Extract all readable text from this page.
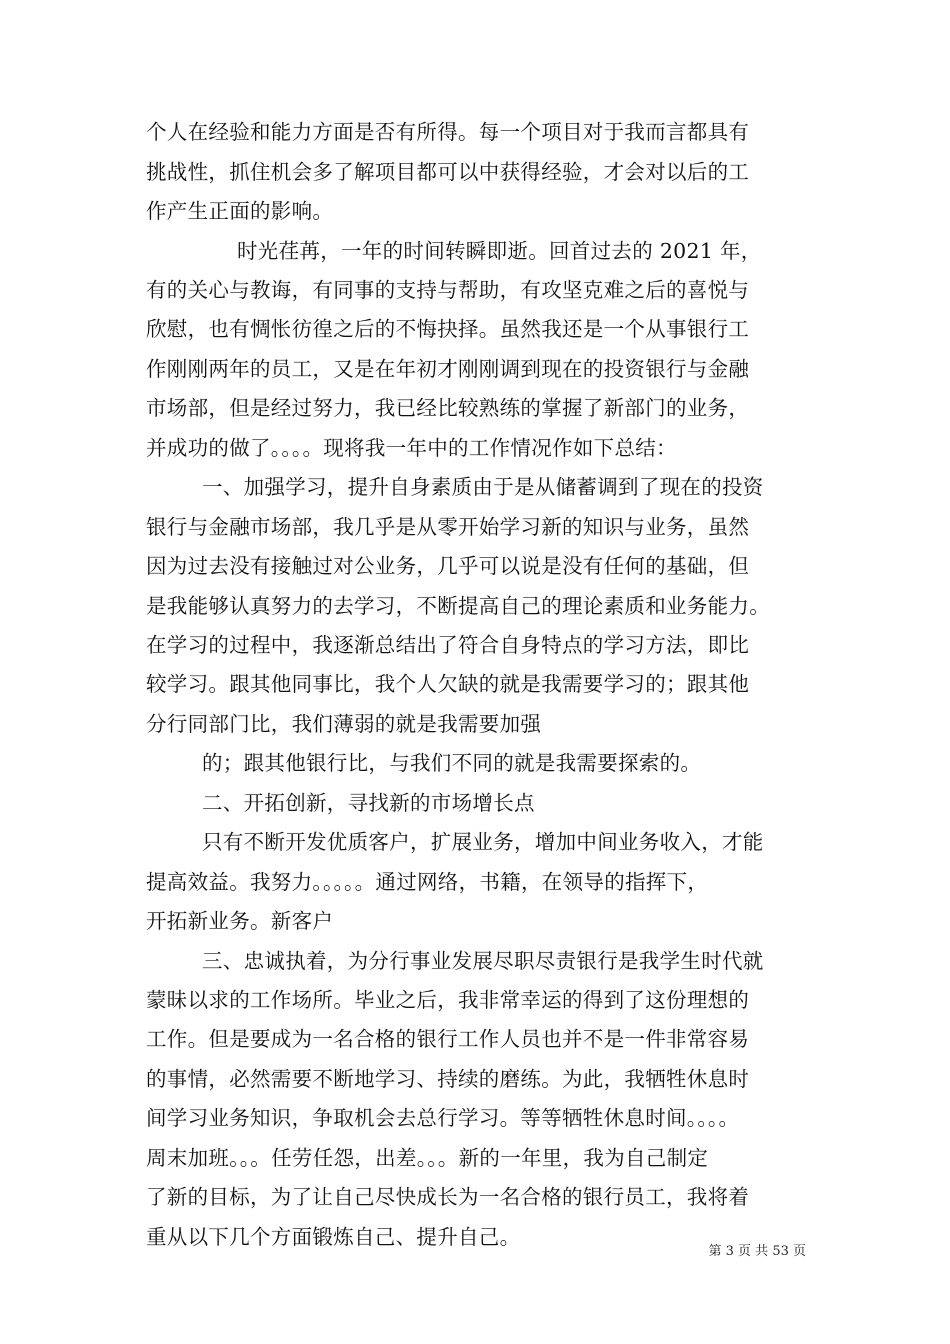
个人在经验和能力方面是否有所得。每一个项目对于我而言都具有
挑战性，抓住机会多了解项目都可以中获得经验，才会对以后的工
作产生正面的影响。
时光荏苒，一年的时间转瞬即逝。回首过去的 2021 年，
有的关心与教诲，有同事的支持与帮助，有攻坚克难之后的喜悦与
欣慰，也有惆怅彷徨之后的不悔抉择。虽然我还是一个从事银行工
作刚刚两年的员工，又是在年初才刚刚调到现在的投资银行与金融
市场部，但是经过努力，我已经比较熟练的掌握了新部门的业务，
并成功的做了。。。。现将我一年中的工作情况作如下总结：
一、加强学习，提升自身素质由于是从储蓄调到了现在的投资
银行与金融市场部，我几乎是从零开始学习新的知识与业务，虽然
因为过去没有接触过对公业务，几乎可以说是没有任何的基础，但
是我能够认真努力的去学习，不断提高自己的理论素质和业务能力。
在学习的过程中，我逐渐总结出了符合自身特点的学习方法，即比
较学习。跟其他同事比，我个人欠缺的就是我需要学习的；跟其他
分行同部门比，我们薄弱的就是我需要加强
的；跟其他银行比，与我们不同的就是我需要探索的。
二、开拓创新，寻找新的市场增长点
只有不断开发优质客户，扩展业务，增加中间业务收入，才能
提高效益。我努力。。。。。通过网络，书籍，在领导的指挥下，
开拓新业务。新客户
三、忠诚执着，为分行事业发展尽职尽责银行是我学生时代就
蒙昧以求的工作场所。毕业之后，我非常幸运的得到了这份理想的
工作。但是要成为一名合格的银行工作人员也并不是一件非常容易
的事情，必然需要不断地学习、持续的磨练。为此，我牺牲休息时
间学习业务知识，争取机会去总行学习。等等牺牲休息时间。。。。
周末加班。。。任劳任怨，出差。。。新的一年里，我为自己制定
了新的目标，为了让自己尽快成长为一名合格的银行员工，我将着
重从以下几个方面锻炼自己、提升自己。
第 3 页 共 53 页
